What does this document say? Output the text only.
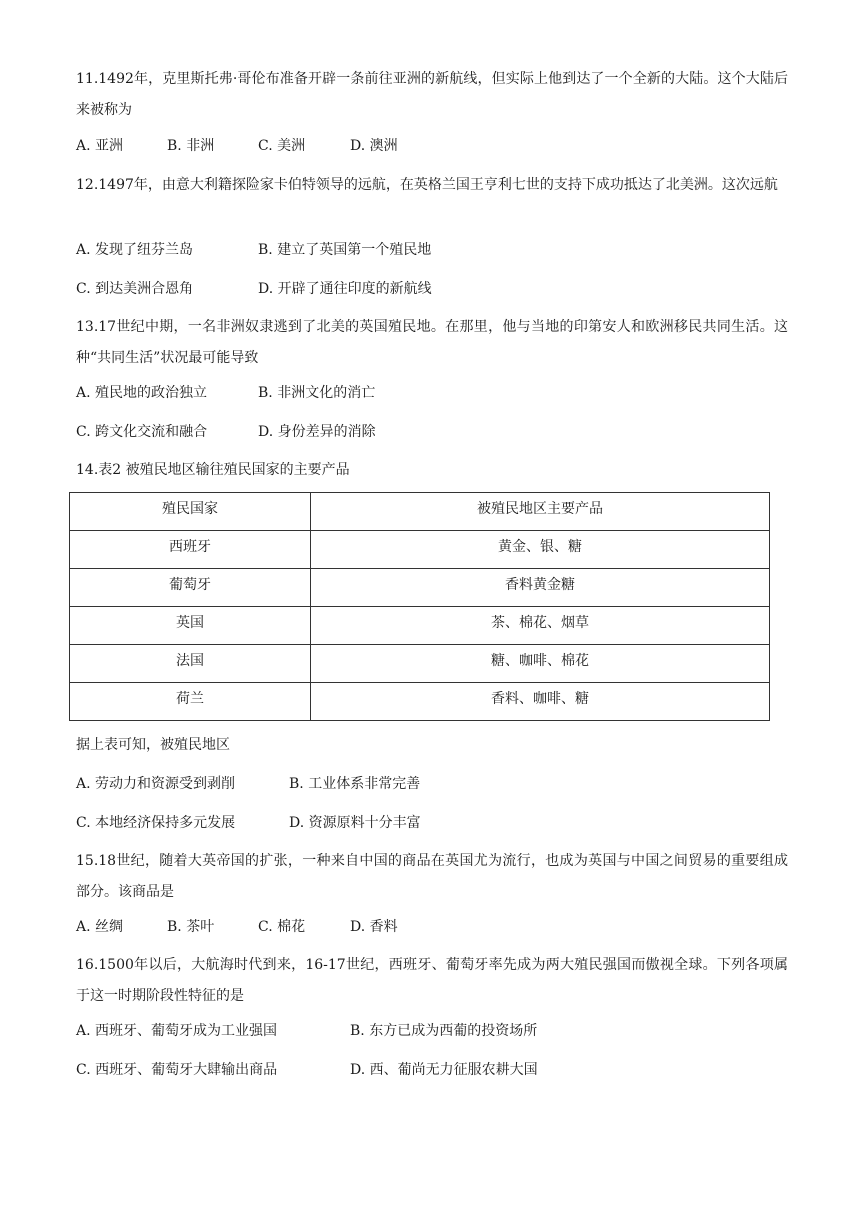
11.1492年，克里斯托弗·哥伦布准备开辟一条前往亚洲的新航线，但实际上他到达了一个全新的大陆。这个大陆后来被称为
A. 亚洲	B. 非洲	C. 美洲	D. 澳洲
12.1497年，由意大利籍探险家卡伯特领导的远航，在英格兰国王亨利七世的支持下成功抵达了北美洲。这次远航
A. 发现了纽芬兰岛	B. 建立了英国第一个殖民地
C. 到达美洲合恩角	D. 开辟了通往印度的新航线
13.17世纪中期，一名非洲奴隶逃到了北美的英国殖民地。在那里，他与当地的印第安人和欧洲移民共同生活。这种“共同生活”状况最可能导致
A. 殖民地的政治独立	B. 非洲文化的消亡
C. 跨文化交流和融合	D. 身份差异的消除
14.表2 被殖民地区输往殖民国家的主要产品
殖民国家	被殖民地区主要产品
西班牙	黄金、银、糖
葡萄牙	香料黄金糖
英国	茶、棉花、烟草
法国	糖、咖啡、棉花
荷兰	香料、咖啡、糖
据上表可知，被殖民地区
A. 劳动力和资源受到剥削	B. 工业体系非常完善
C. 本地经济保持多元发展	D. 资源原料十分丰富
15.18世纪，随着大英帝国的扩张，一种来自中国的商品在英国尤为流行，也成为英国与中国之间贸易的重要组成部分。该商品是
A. 丝绸	B. 茶叶	C. 棉花	D. 香料
16.1500年以后，大航海时代到来，16-17世纪，西班牙、葡萄牙率先成为两大殖民强国而傲视全球。下列各项属于这一时期阶段性特征的是
A. 西班牙、葡萄牙成为工业强国	B. 东方已成为西葡的投资场所
C. 西班牙、葡萄牙大肆输出商品	D. 西、葡尚无力征服农耕大国
